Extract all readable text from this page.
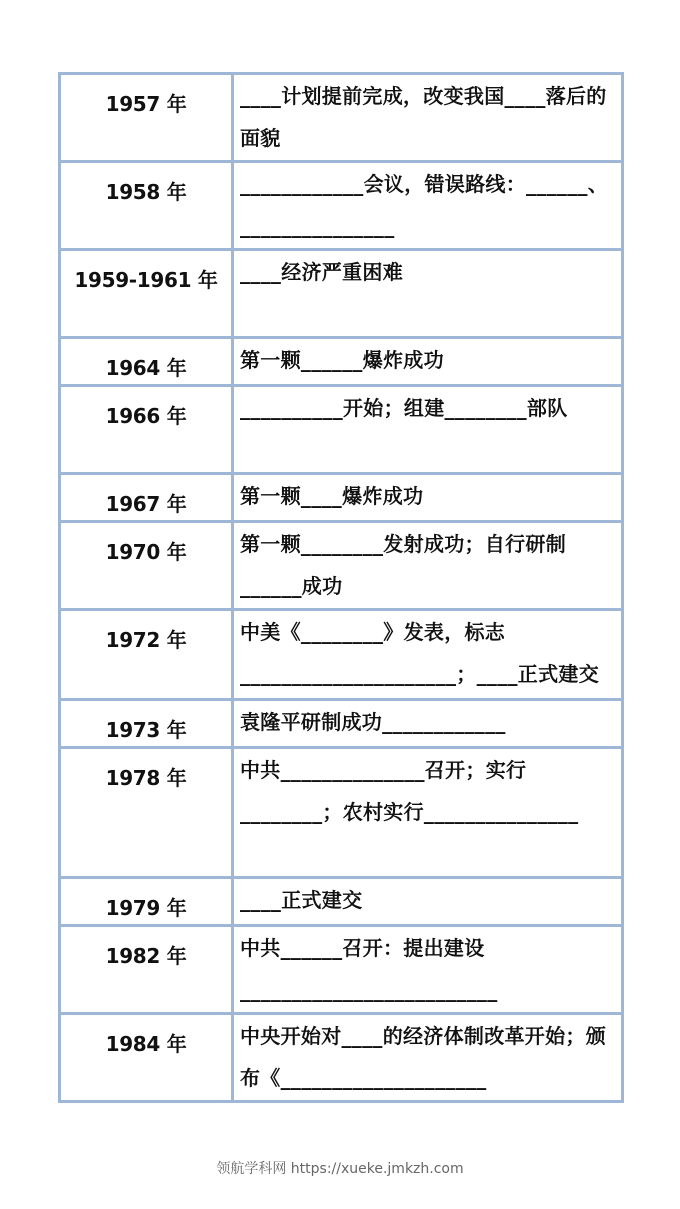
1957 年	____计划提前完成，改变我国____落后的面貌
1958 年	____________会议，错误路线：______、_______________
1959-1961 年	____经济严重困难
1964 年	第一颗______爆炸成功
1966 年	__________开始；组建________部队
1967 年	第一颗____爆炸成功
1970 年	第一颗________发射成功；自行研制______成功
1972 年	中美《________》发表，标志_____________________；____正式建交
1973 年	袁隆平研制成功____________
1978 年	中共______________召开；实行________；农村实行_______________
1979 年	____正式建交
1982 年	中共______召开：提出建设_________________________
1984 年	中央开始对____的经济体制改革开始；颁布《____________________
领航学科网 https://xueke.jmkzh.com
